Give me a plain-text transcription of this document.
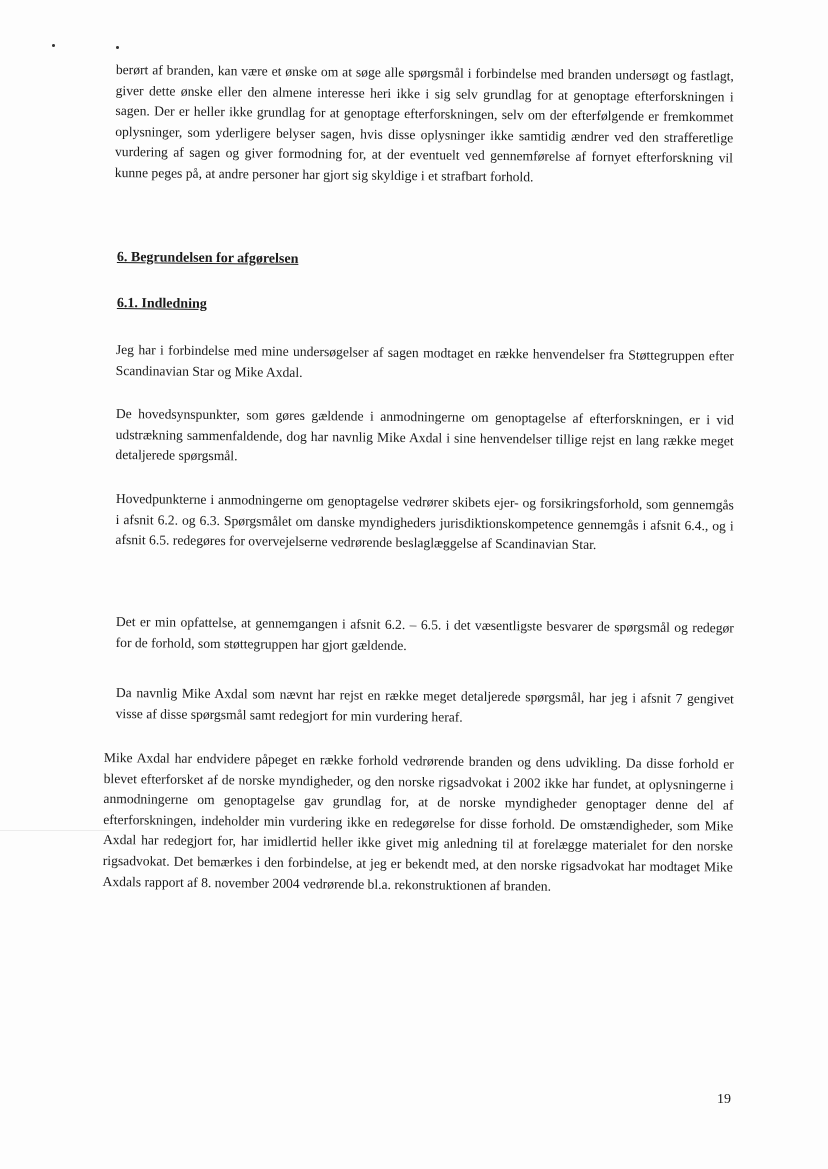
berørt af branden, kan være et ønske om at søge alle spørgsmål i forbindelse med branden undersøgt og fastlagt, giver dette ønske eller den almene interesse heri ikke i sig selv grundlag for at genoptage efterforskningen i sagen. Der er heller ikke grundlag for at genoptage efterforskningen, selv om der efterfølgende er fremkommet oplysninger, som yderligere belyser sagen, hvis disse oplysninger ikke samtidig ændrer ved den strafferetlige vurdering af sagen og giver formodning for, at der eventuelt ved gennemførelse af fornyet efterforskning vil kunne peges på, at andre personer har gjort sig skyldige i et strafbart forhold.

6. Begrundelsen for afgørelsen
6.1. Indledning

Jeg har i forbindelse med mine undersøgelser af sagen modtaget en række henvendelser fra Støttegruppen efter Scandinavian Star og Mike Axdal.

De hovedsynspunkter, som gøres gældende i anmodningerne om genoptagelse af efterforskningen, er i vid udstrækning sammenfaldende, dog har navnlig Mike Axdal i sine henvendelser tillige rejst en lang række meget detaljerede spørgsmål.

Hovedpunkterne i anmodningerne om genoptagelse vedrører skibets ejer- og forsikringsforhold, som gennemgås i afsnit 6.2. og 6.3. Spørgsmålet om danske myndigheders jurisdiktionskompetence gennemgås i afsnit 6.4., og i afsnit 6.5. redegøres for overvejelserne vedrørende beslaglæggelse af Scandinavian Star.

Det er min opfattelse, at gennemgangen i afsnit 6.2. – 6.5. i det væsentligste besvarer de spørgsmål og redegør for de forhold, som støttegruppen har gjort gældende.

Da navnlig Mike Axdal som nævnt har rejst en række meget detaljerede spørgsmål, har jeg i afsnit 7 gengivet visse af disse spørgsmål samt redegjort for min vurdering heraf.

Mike Axdal har endvidere påpeget en række forhold vedrørende branden og dens udvikling. Da disse forhold er blevet efterforsket af de norske myndigheder, og den norske rigsadvokat i 2002 ikke har fundet, at oplysningerne i anmodningerne om genoptagelse gav grundlag for, at de norske myndigheder genoptager denne del af efterforskningen, indeholder min vurdering ikke en redegørelse for disse forhold. De omstændigheder, som Mike Axdal har redegjort for, har imidlertid heller ikke givet mig anledning til at forelægge materialet for den norske rigsadvokat. Det bemærkes i den forbindelse, at jeg er bekendt med, at den norske rigsadvokat har modtaget Mike Axdals rapport af 8. november 2004 vedrørende bl.a. rekonstruktionen af branden.

19
